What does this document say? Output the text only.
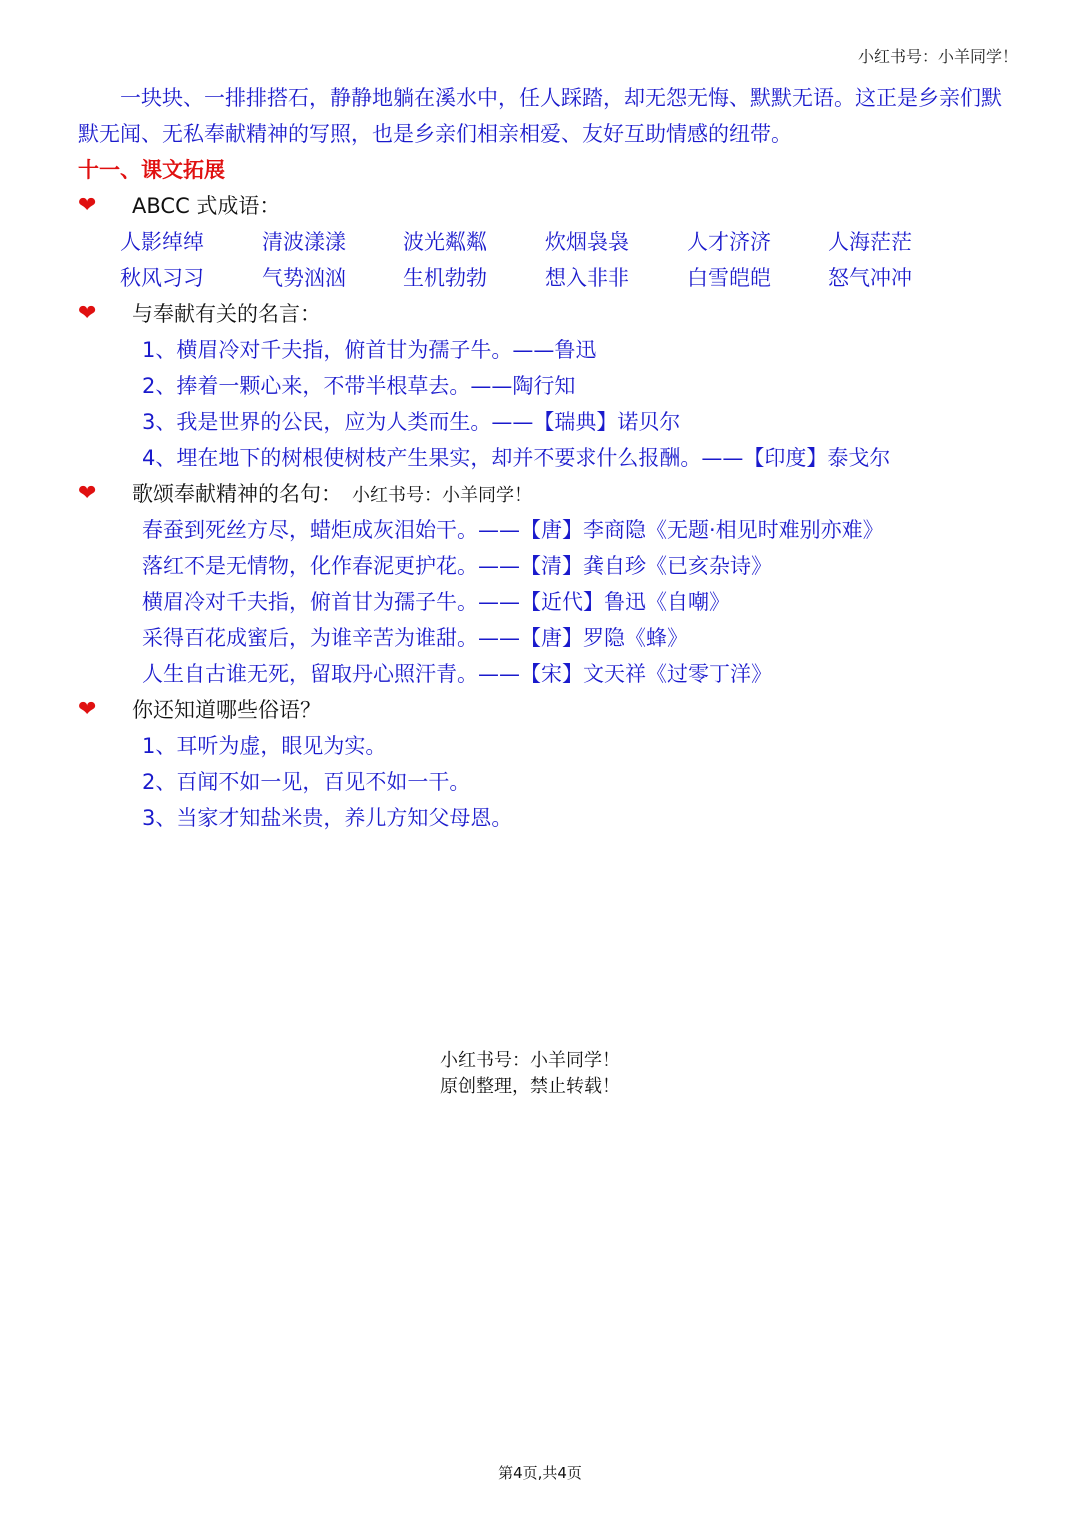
小红书号：小羊同学！

一块块、一排排搭石，静静地躺在溪水中，任人踩踏，却无怨无悔、默默无语。这正是乡亲们默默无闻、无私奉献精神的写照，也是乡亲们相亲相爱、友好互助情感的纽带。

十一、课文拓展

❤ ABCC 式成语：
人影绰绰	清波漾漾	波光粼粼	炊烟袅袅	人才济济	人海茫茫
秋风习习	气势汹汹	生机勃勃	想入非非	白雪皑皑	怒气冲冲
❤ 与奉献有关的名言：
1、横眉冷对千夫指，俯首甘为孺子牛。——鲁迅
2、捧着一颗心来，不带半根草去。——陶行知
3、我是世界的公民，应为人类而生。——【瑞典】诺贝尔
4、埋在地下的树根使树枝产生果实，却并不要求什么报酬。——【印度】泰戈尔
❤ 歌颂奉献精神的名句： 小红书号：小羊同学！
春蚕到死丝方尽，蜡炬成灰泪始干。——【唐】李商隐《无题·相见时难别亦难》
落红不是无情物，化作春泥更护花。——【清】龚自珍《已亥杂诗》
横眉冷对千夫指，俯首甘为孺子牛。——【近代】鲁迅《自嘲》
采得百花成蜜后，为谁辛苦为谁甜。——【唐】罗隐《蜂》
人生自古谁无死，留取丹心照汗青。——【宋】文天祥《过零丁洋》
❤ 你还知道哪些俗语？
1、耳听为虚，眼见为实。
2、百闻不如一见，百见不如一干。
3、当家才知盐米贵，养儿方知父母恩。
小红书号：小羊同学！
原创整理，禁止转载！
第4页,共4页
